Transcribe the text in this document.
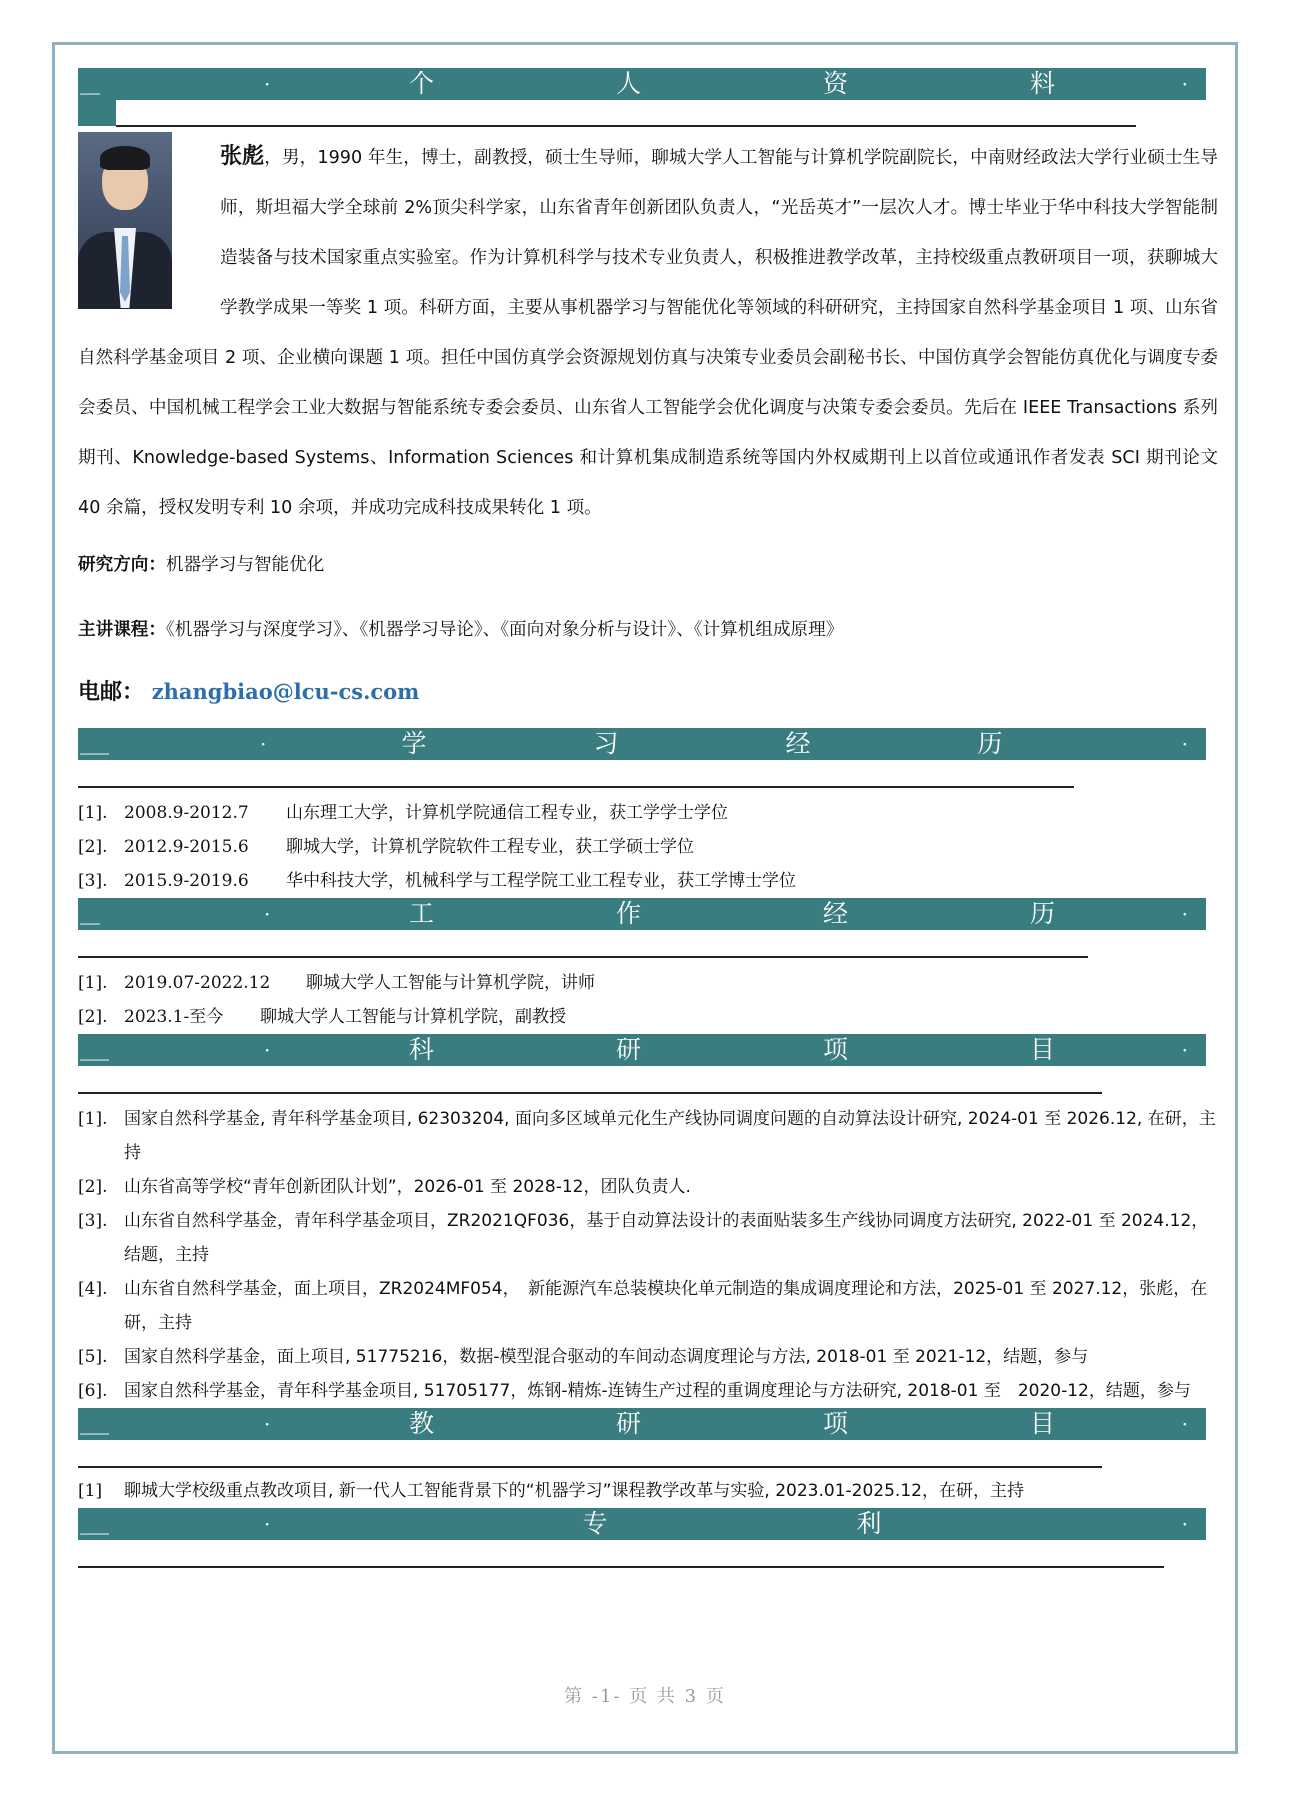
__	·	个	人	资	料	·
张彪，男，1990 年生，博士，副教授，硕士生导师，聊城大学人工智能与计算机学院副院长，中南财经政法大学行业硕士生导师，斯坦福大学全球前 2%顶尖科学家，山东省青年创新团队负责人，“光岳英才”一层次人才。博士毕业于华中科技大学智能制造装备与技术国家重点实验室。作为计算机科学与技术专业负责人，积极推进教学改革，主持校级重点教研项目一项，获聊城大学教学成果一等奖 1 项。科研方面，主要从事机器学习与智能优化等领域的科研研究，主持国家自然科学基金项目 1 项、山东省自然科学基金项目 2 项、企业横向课题 1 项。担任中国仿真学会资源规划仿真与决策专业委员会副秘书长、中国仿真学会智能仿真优化与调度专委会委员、中国机械工程学会工业大数据与智能系统专委会委员、山东省人工智能学会优化调度与决策专委会委员。先后在 IEEE Transactions 系列期刊、Knowledge-based Systems、Information Sciences 和计算机集成制造系统等国内外权威期刊上以首位或通讯作者发表 SCI 期刊论文 40 余篇，授权发明专利 10 余项，并成功完成科技成果转化 1 项。
研究方向：机器学习与智能优化
主讲课程：《机器学习与深度学习》、《机器学习导论》、《面向对象分析与设计》、《计算机组成原理》
电邮： zhangbiao@lcu-cs.com
___	·	学	习	经	历	·
[1]. 2008.9-2012.7 山东理工大学，计算机学院通信工程专业，获工学学士学位
[2]. 2012.9-2015.6 聊城大学，计算机学院软件工程专业，获工学硕士学位
[3]. 2015.9-2019.6 华中科技大学，机械科学与工程学院工业工程专业，获工学博士学位
__	·	工	作	经	历	·
[1]. 2019.07-2022.12 聊城大学人工智能与计算机学院，讲师
[2]. 2023.1-至今 聊城大学人工智能与计算机学院，副教授
___	·	科	研	项	目	·
[1]. 国家自然科学基金, 青年科学基金项目, 62303204, 面向多区域单元化生产线协同调度问题的自动算法设计研究, 2024-01 至 2026.12, 在研，主持
[2]. 山东省高等学校“青年创新团队计划”，2026-01 至 2028-12，团队负责人.
[3]. 山东省自然科学基金，青年科学基金项目，ZR2021QF036，基于自动算法设计的表面贴装多生产线协同调度方法研究, 2022-01 至 2024.12，结题，主持
[4]. 山东省自然科学基金，面上项目，ZR2024MF054，　新能源汽车总装模块化单元制造的集成调度理论和方法，2025-01 至 2027.12，张彪，在研，主持
[5]. 国家自然科学基金，面上项目, 51775216，数据-模型混合驱动的车间动态调度理论与方法, 2018-01 至 2021-12，结题，参与
[6]. 国家自然科学基金，青年科学基金项目, 51705177，炼钢-精炼-连铸生产过程的重调度理论与方法研究, 2018-01 至　2020-12，结题，参与
___	·	教	研	项	目	·
[1] 聊城大学校级重点教改项目, 新一代人工智能背景下的“机器学习”课程教学改革与实验, 2023.01-2025.12，在研，主持
___	·	专	利	·
第 -1- 页 共 3 页
